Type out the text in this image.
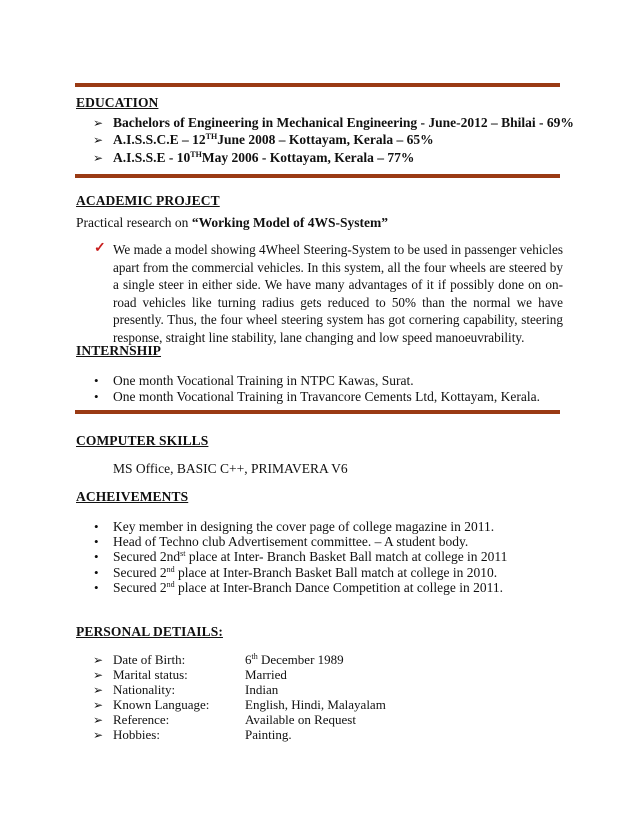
EDUCATION
➢ Bachelors of Engineering in Mechanical Engineering - June-2012 – Bhilai - 69%
➢ A.I.S.S.C.E – 12THJune 2008 – Kottayam, Kerala – 65%
➢ A.I.S.S.E - 10THMay 2006 - Kottayam, Kerala – 77%
ACADEMIC PROJECT
Practical research on “Working Model of 4WS-System”
✓ We made a model showing 4Wheel Steering-System to be used in passenger vehicles apart from the commercial vehicles. In this system, all the four wheels are steered by a single steer in either side. We have many advantages of it if possibly done on on-road vehicles like turning radius gets reduced to 50% than the normal we have presently. Thus, the four wheel steering system has got cornering capability, steering response, straight line stability, lane changing and low speed manoeuvrability.
INTERNSHIP
• One month Vocational Training in NTPC Kawas, Surat.
• One month Vocational Training in Travancore Cements Ltd, Kottayam, Kerala.
COMPUTER SKILLS
MS Office, BASIC C++, PRIMAVERA V6
ACHEIVEMENTS
• Key member in designing the cover page of college magazine in 2011.
• Head of Techno club Advertisement committee. – A student body.
• Secured $2nd^{st}$ place at Inter- Branch Basket Ball match at college in 2011
• Secured 2nd place at Inter-Branch Basket Ball match at college in 2010.
• Secured 2nd place at Inter-Branch Dance Competition at college in 2011.
PERSONAL DETIAILS:
➢ Date of Birth:	6th December 1989
➢ Marital status:	Married
➢ Nationality:	Indian
➢ Known Language:	English, Hindi, Malayalam
➢ Reference:	Available on Request
➢ Hobbies:	Painting.
